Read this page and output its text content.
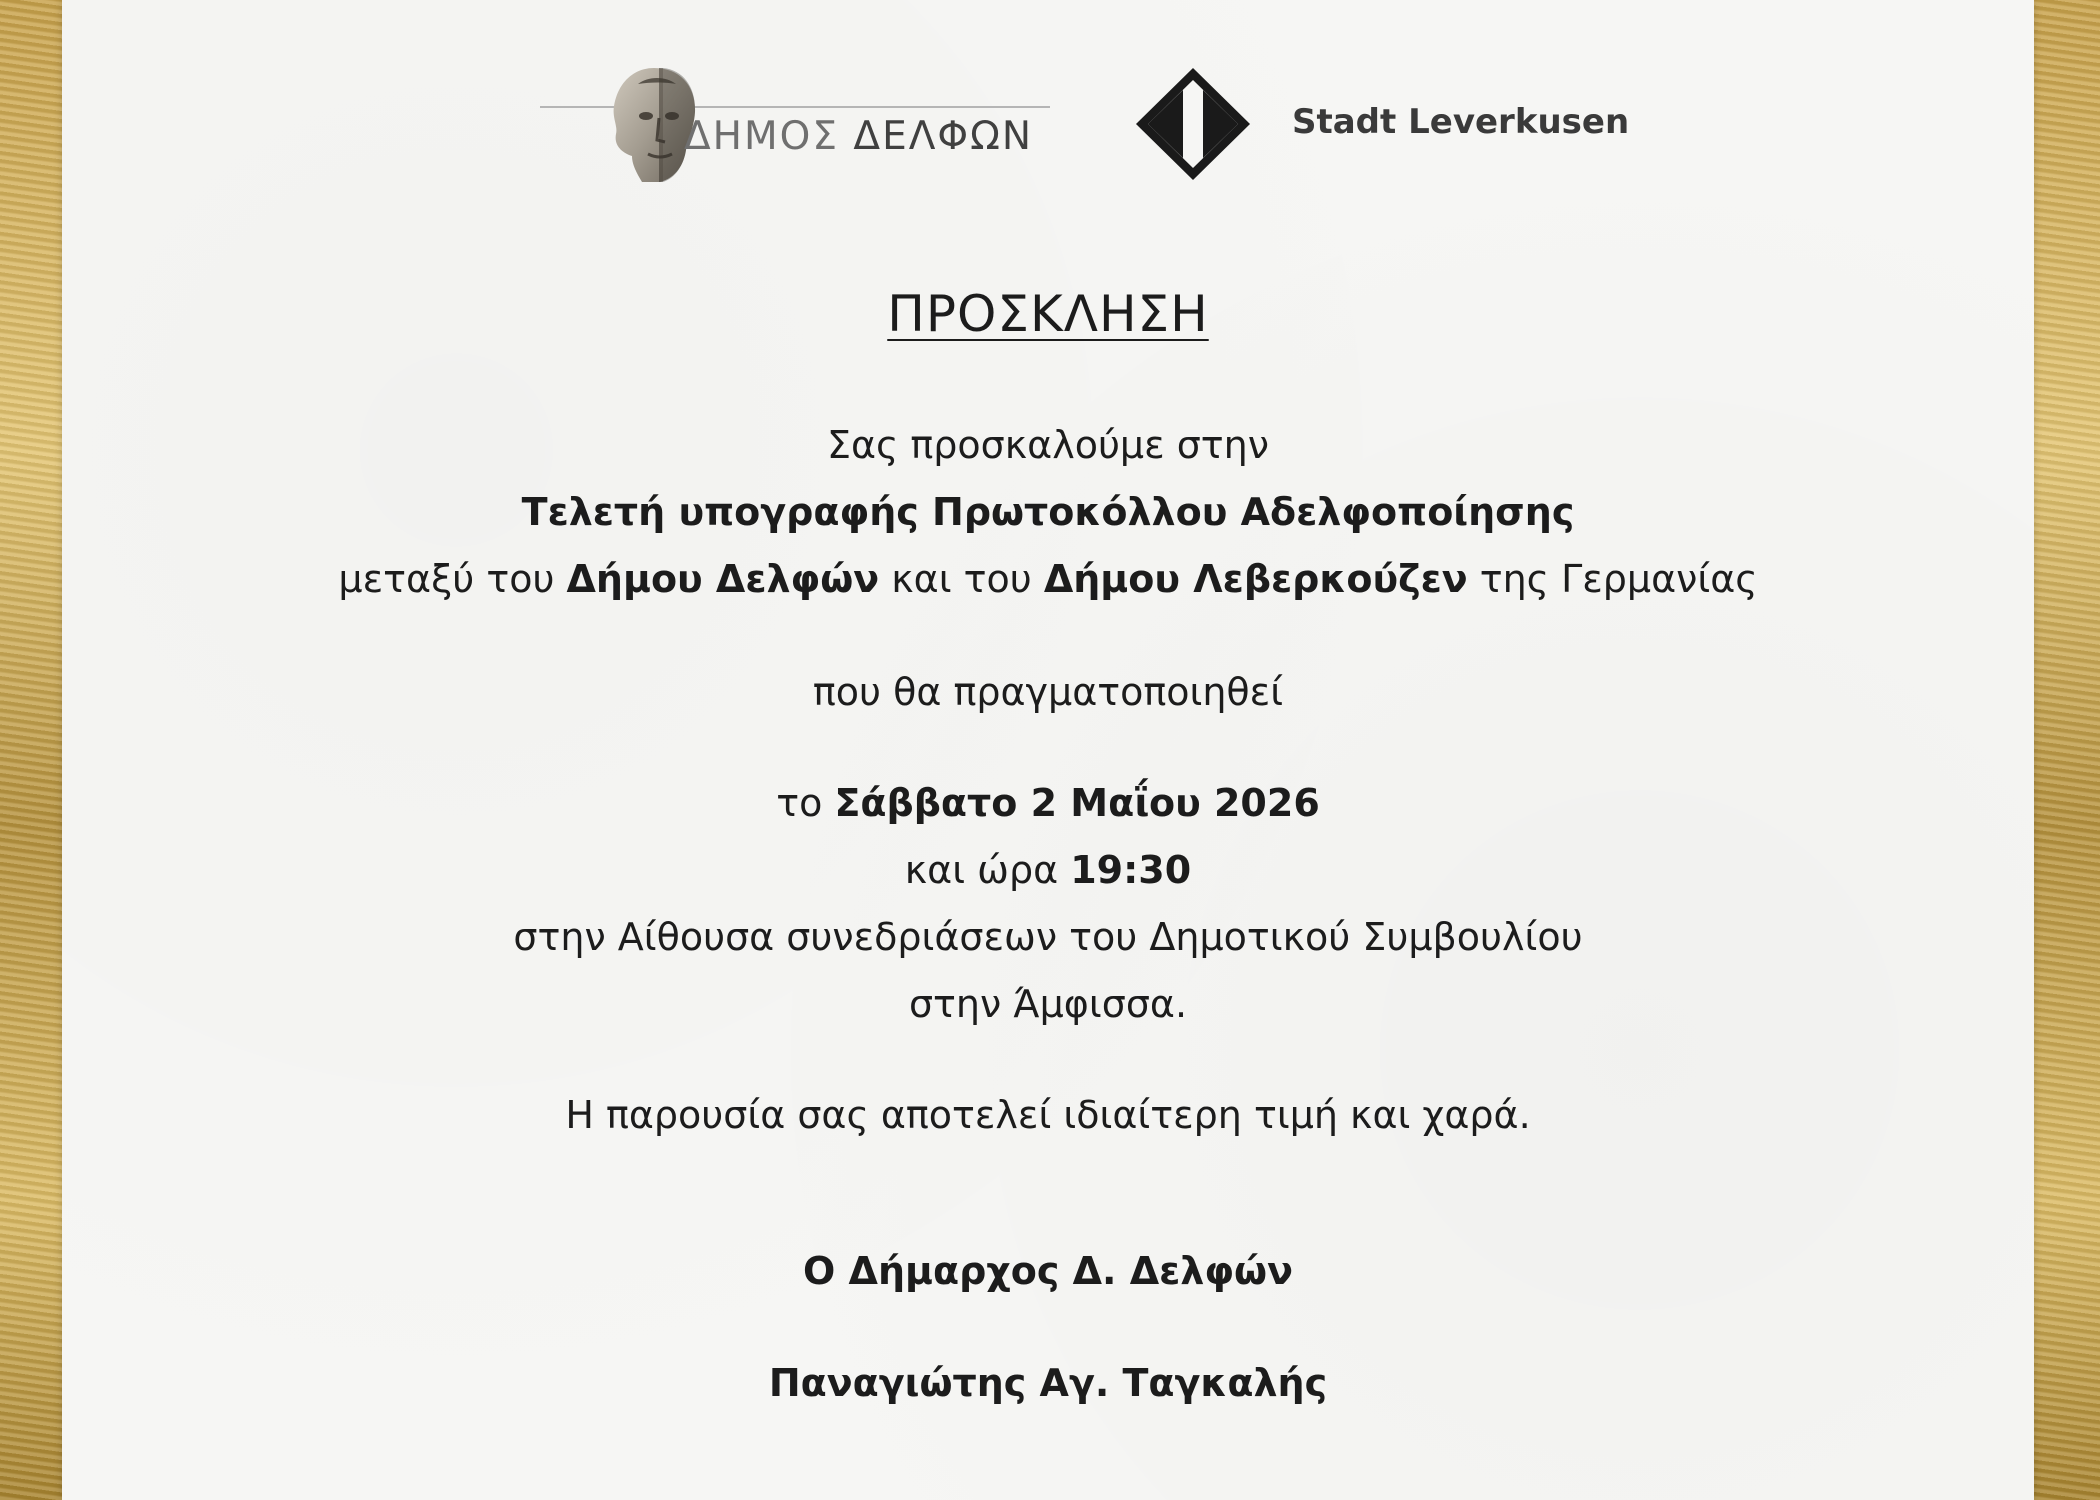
ΔΗΜΟΣ ΔΕΛΦΩΝ	Stadt Leverkusen
ΠΡΟΣΚΛΗΣΗ
Σας προσκαλούμε στην
Τελετή υπογραφής Πρωτοκόλλου Αδελφοποίησης
μεταξύ του Δήμου Δελφών και του Δήμου Λεβερκούζεν της Γερμανίας
που θα πραγματοποιηθεί
το Σάββατο 2 Μαΐου 2026
και ώρα 19:30
στην Αίθουσα συνεδριάσεων του Δημοτικού Συμβουλίου
στην Άμφισσα.
Η παρουσία σας αποτελεί ιδιαίτερη τιμή και χαρά.
Ο Δήμαρχος Δ. Δελφών
Παναγιώτης Αγ. Ταγκαλής
